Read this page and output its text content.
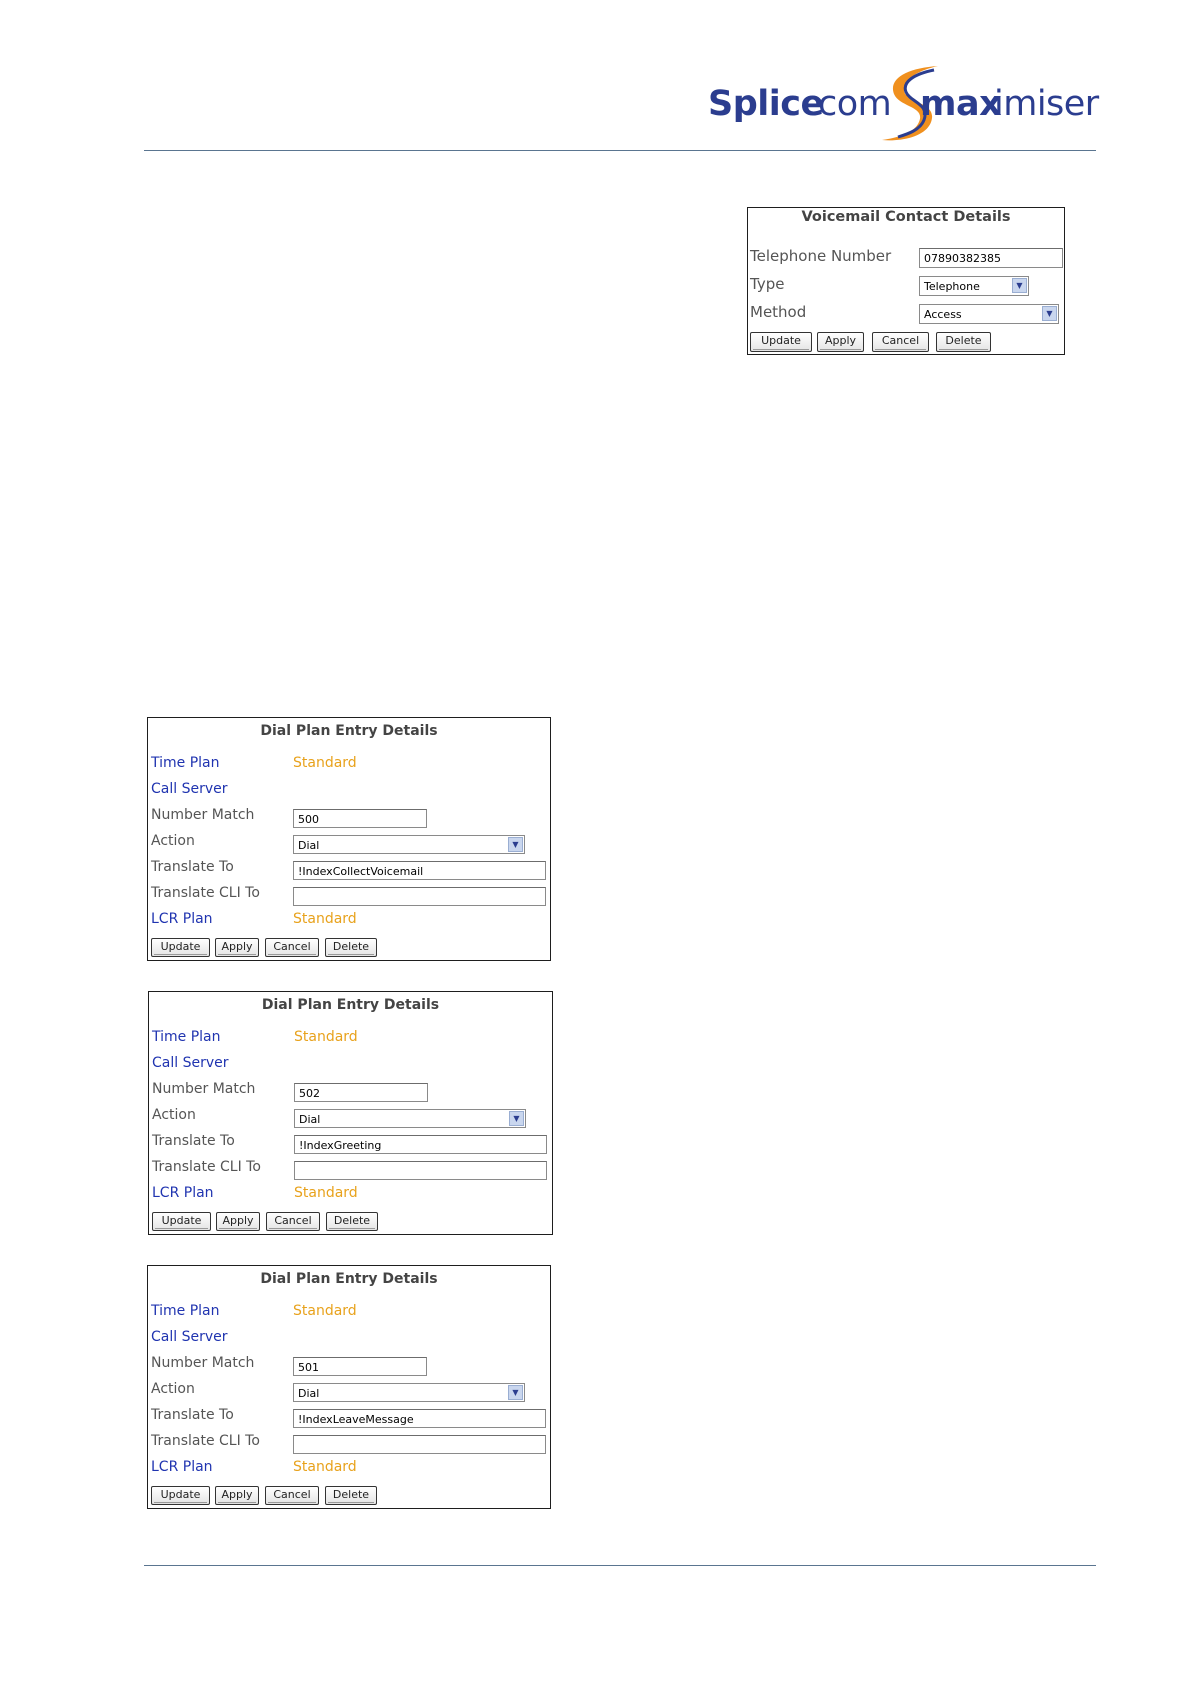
Splice
com max
imiser
Voicemail Contact Details
Telephone Number	07890382385
Type	Telephone	▼
Method	Access	▼
Update	Apply	Cancel	Delete
Dial Plan Entry Details
Time Plan	Standard
Call Server
Number Match	500
Action	Dial	▼
Translate To	!IndexCollectVoicemail
Translate CLI To
LCR Plan	Standard
Update	Apply	Cancel	Delete
Dial Plan Entry Details
Time Plan	Standard
Call Server
Number Match	502
Action	Dial	▼
Translate To	!IndexGreeting
Translate CLI To
LCR Plan	Standard
Update	Apply	Cancel	Delete
Dial Plan Entry Details
Time Plan	Standard
Call Server
Number Match	501
Action	Dial	▼
Translate To	!IndexLeaveMessage
Translate CLI To
LCR Plan	Standard
Update	Apply	Cancel	Delete
